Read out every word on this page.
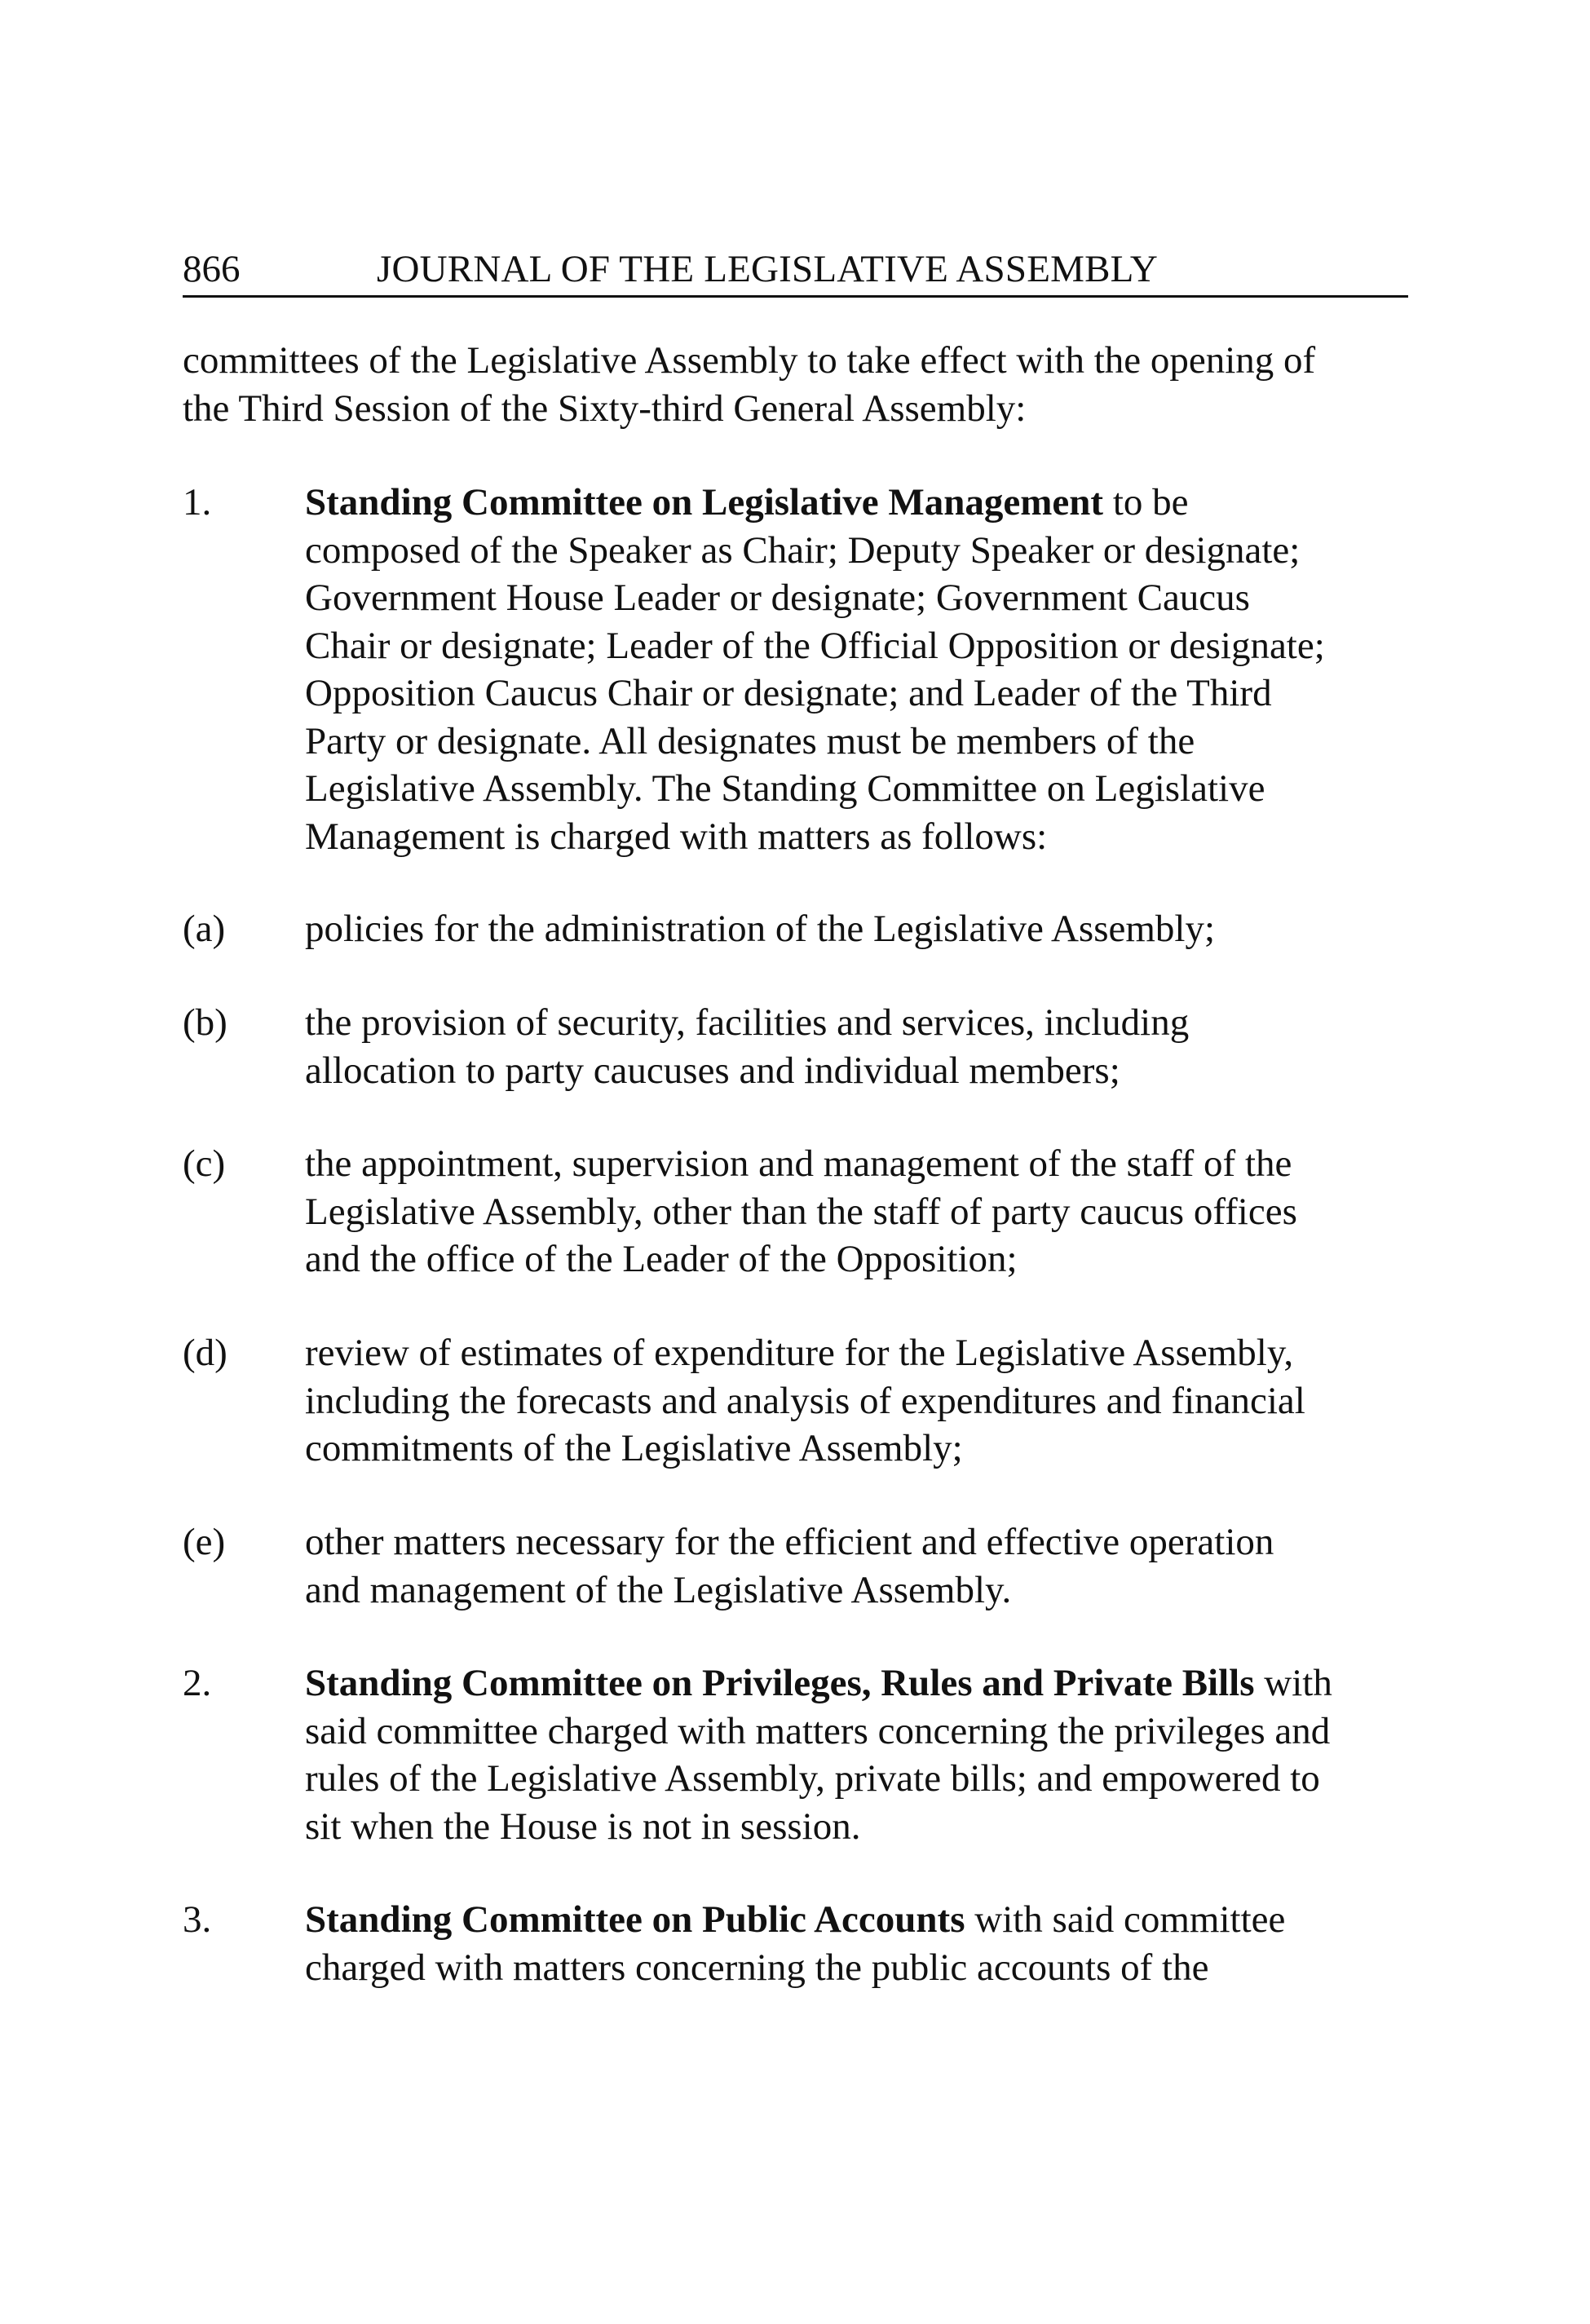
866	JOURNAL OF THE LEGISLATIVE ASSEMBLY
committees of the Legislative Assembly to take effect with the opening of
the Third Session of the Sixty-third General Assembly:
1. Standing Committee on Legislative Management to be
composed of the Speaker as Chair; Deputy Speaker or designate;
Government House Leader or designate; Government Caucus
Chair or designate; Leader of the Official Opposition or designate;
Opposition Caucus Chair or designate; and Leader of the Third
Party or designate. All designates must be members of the
Legislative Assembly. The Standing Committee on Legislative
Management is charged with matters as follows:
(a) policies for the administration of the Legislative Assembly;
(b) the provision of security, facilities and services, including
allocation to party caucuses and individual members;
(c) the appointment, supervision and management of the staff of the
Legislative Assembly, other than the staff of party caucus offices
and the office of the Leader of the Opposition;
(d) review of estimates of expenditure for the Legislative Assembly,
including the forecasts and analysis of expenditures and financial
commitments of the Legislative Assembly;
(e) other matters necessary for the efficient and effective operation
and management of the Legislative Assembly.
2. Standing Committee on Privileges, Rules and Private Bills with
said committee charged with matters concerning the privileges and
rules of the Legislative Assembly, private bills; and empowered to
sit when the House is not in session.
3. Standing Committee on Public Accounts with said committee
charged with matters concerning the public accounts of the
